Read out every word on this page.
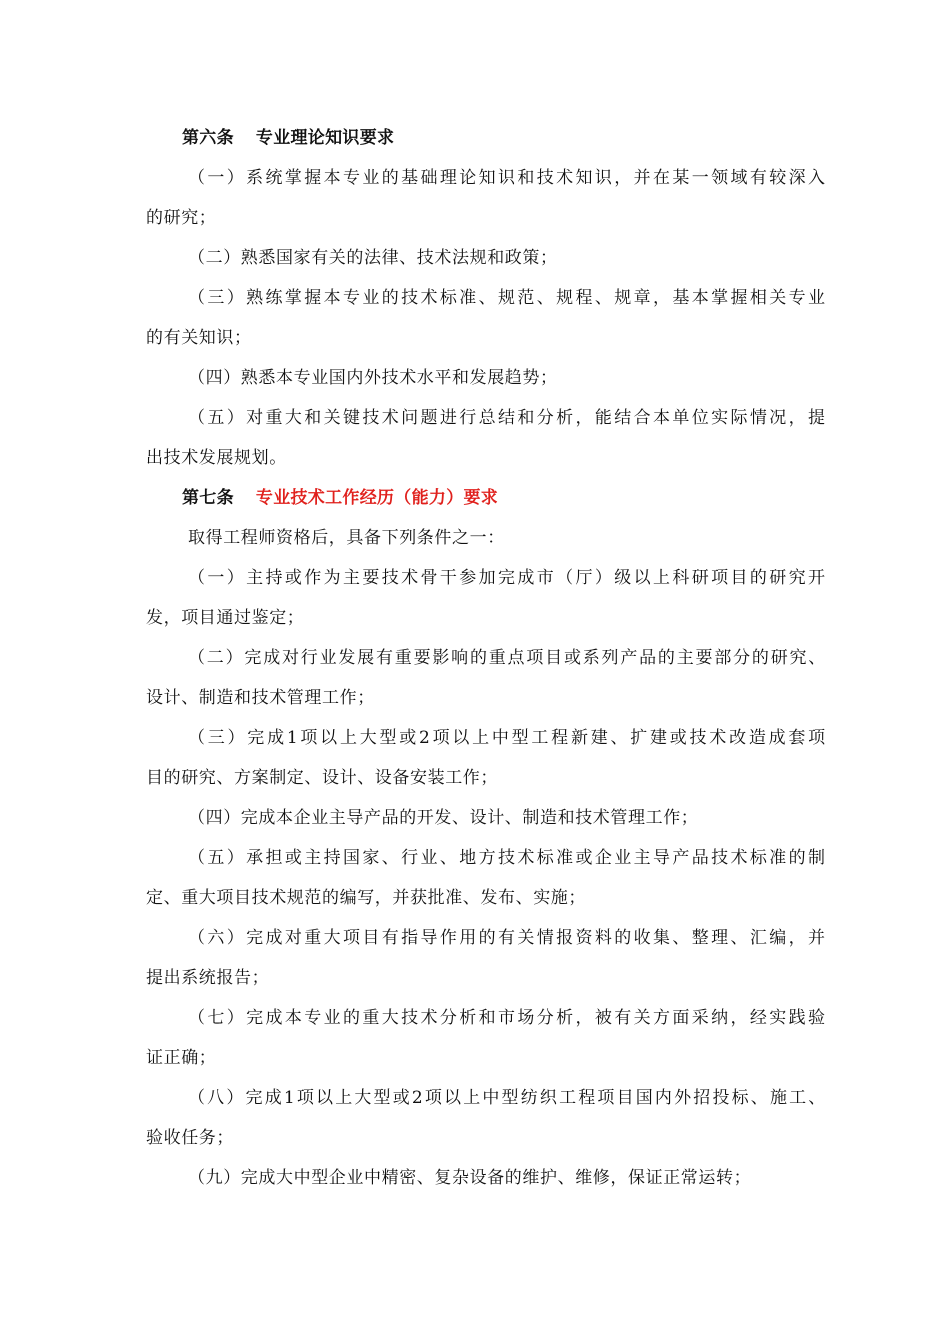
第六条 专业理论知识要求
（ 一 ） 系 统 掌 握 本 专 业 的 基 础 理 论 知 识 和 技 术 知 识 ， 并 在 某 一 领 域 有 较 深 入
的研究；
（二）熟悉国家有关的法律、技术法规和政策；
（ 三 ） 熟 练 掌 握 本 专 业 的 技 术 标 准 、 规 范 、 规 程 、 规 章 ， 基 本 掌 握 相 关 专 业
的有关知识；
（四）熟悉本专业国内外技术水平和发展趋势；
（ 五 ） 对 重 大 和 关 键 技 术 问 题 进 行 总 结 和 分 析 ， 能 结 合 本 单 位 实 际 情 况 ， 提
出技术发展规划。
第七条 专业技术工作经历（能力）要求
取得工程师资格后，具备下列条件之一：
（ 一 ） 主 持 或 作 为 主 要 技 术 骨 干 参 加 完 成 市 （ 厅 ） 级 以 上 科 研 项 目 的 研 究 开
发，项目通过鉴定；
（ 二 ） 完 成 对 行 业 发 展 有 重 要 影 响 的 重 点 项 目 或 系 列 产 品 的 主 要 部 分 的 研 究 、
设计、制造和技术管理工作；
（ 三 ） 完 成 1 项 以 上 大 型 或 2 项 以 上 中 型 工 程 新 建 、 扩 建 或 技 术 改 造 成 套 项
目的研究、方案制定、设计、设备安装工作；
（四）完成本企业主导产品的开发、设计、制造和技术管理工作；
（ 五 ） 承 担 或 主 持 国 家 、 行 业 、 地 方 技 术 标 准 或 企 业 主 导 产 品 技 术 标 准 的 制
定、重大项目技术规范的编写，并获批准、发布、实施；
（ 六 ） 完 成 对 重 大 项 目 有 指 导 作 用 的 有 关 情 报 资 料 的 收 集 、 整 理 、 汇 编 ， 并
提出系统报告；
（ 七 ） 完 成 本 专 业 的 重 大 技 术 分 析 和 市 场 分 析 ， 被 有 关 方 面 采 纳 ， 经 实 践 验
证正确；
（ 八 ） 完 成 1 项 以 上 大 型 或 2 项 以 上 中 型 纺 织 工 程 项 目 国 内 外 招 投 标 、 施 工 、
验收任务；
（九）完成大中型企业中精密、复杂设备的维护、维修，保证正常运转；
